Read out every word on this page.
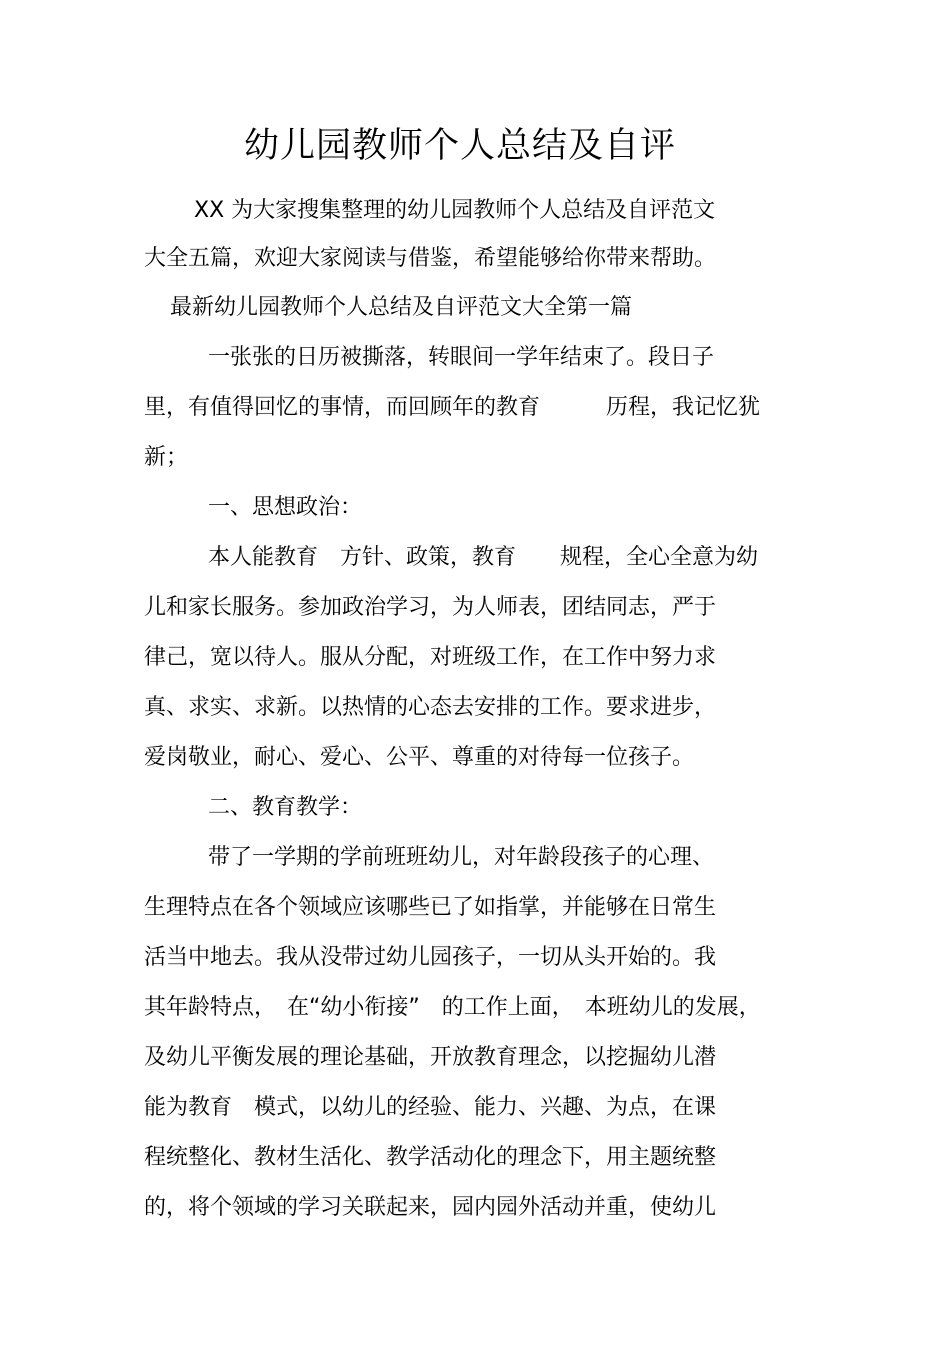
幼儿园教师个人总结及自评
XX 为大家搜集整理的幼儿园教师个人总结及自评范文
大全五篇，欢迎大家阅读与借鉴，希望能够给你带来帮助。
最新幼儿园教师个人总结及自评范文大全第一篇
一张张的日历被撕落，转眼间一学年结束了。段日子
里，有值得回忆的事情，而回顾年的教育　　　历程，我记忆犹
新；
一、思想政治：
本人能教育　方针、政策，教育　　规程，全心全意为幼
儿和家长服务。参加政治学习，为人师表，团结同志，严于
律己，宽以待人。服从分配，对班级工作，在工作中努力求
真、求实、求新。以热情的心态去安排的工作。要求进步，
爱岗敬业，耐心、爱心、公平、尊重的对待每一位孩子。
二、教育教学：
带了一学期的学前班班幼儿，对年龄段孩子的心理、
生理特点在各个领域应该哪些已了如指掌，并能够在日常生
活当中地去。我从没带过幼儿园孩子，一切从头开始的。我
其年龄特点，　在“幼小衔接”　的工作上面，　本班幼儿的发展，
及幼儿平衡发展的理论基础，开放教育理念，以挖掘幼儿潜
能为教育　模式，以幼儿的经验、能力、兴趣、为点，在课
程统整化、教材生活化、教学活动化的理念下，用主题统整
的，将个领域的学习关联起来，园内园外活动并重，使幼儿
